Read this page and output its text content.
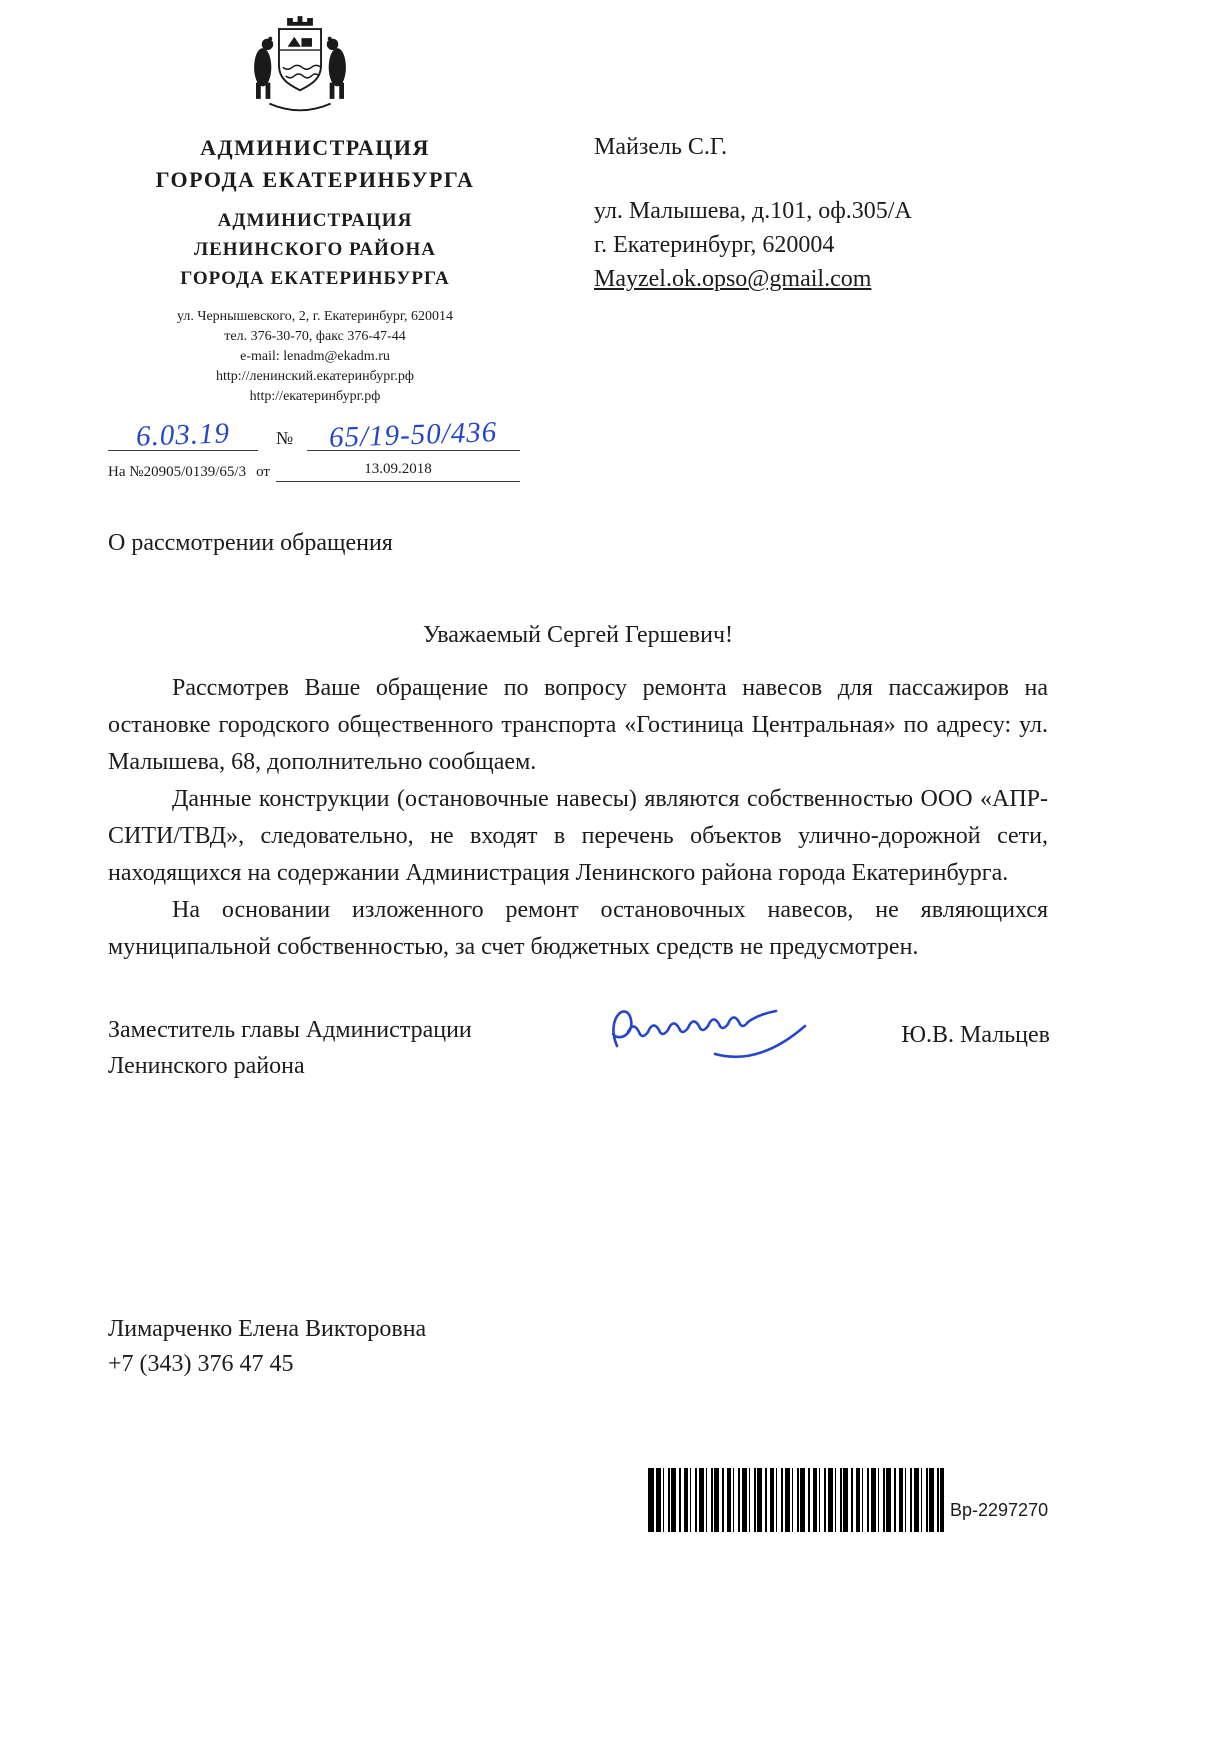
АДМИНИСТРАЦИЯ
ГОРОДА ЕКАТЕРИНБУРГА
АДМИНИСТРАЦИЯ
ЛЕНИНСКОГО РАЙОНА
ГОРОДА ЕКАТЕРИНБУРГА
ул. Чернышевского, 2, г. Екатеринбург, 620014
тел. 376-30-70, факс 376-47-44
e-mail: lenadm@ekadm.ru
http://ленинский.екатеринбург.рф
http://екатеринбург.рф
6.03.19	№	65/19-50/436
На № 20905/0139/65/3 от	13.09.2018
Майзель С.Г.
ул. Малышева, д.101, оф.305/А
г. Екатеринбург, 620004
Mayzel.ok.opso@gmail.com
О рассмотрении обращения
Уважаемый Сергей Гершевич!

Рассмотрев Ваше обращение по вопросу ремонта навесов для пассажиров на остановке городского общественного транспорта «Гостиница Центральная» по адресу: ул. Малышева, 68, дополнительно сообщаем.

Данные конструкции (остановочные навесы) являются собственностью ООО «АПР-СИТИ/ТВД», следовательно, не входят в перечень объектов улично-дорожной сети, находящихся на содержании Администрация Ленинского района города Екатеринбурга.

На основании изложенного ремонт остановочных навесов, не являющихся муниципальной собственностью, за счет бюджетных средств не предусмотрен.

Заместитель главы Администрации
Ленинского района
Ю.В. Мальцев
Лимарченко Елена Викторовна
+7 (343) 376 47 45
Вр-2297270
